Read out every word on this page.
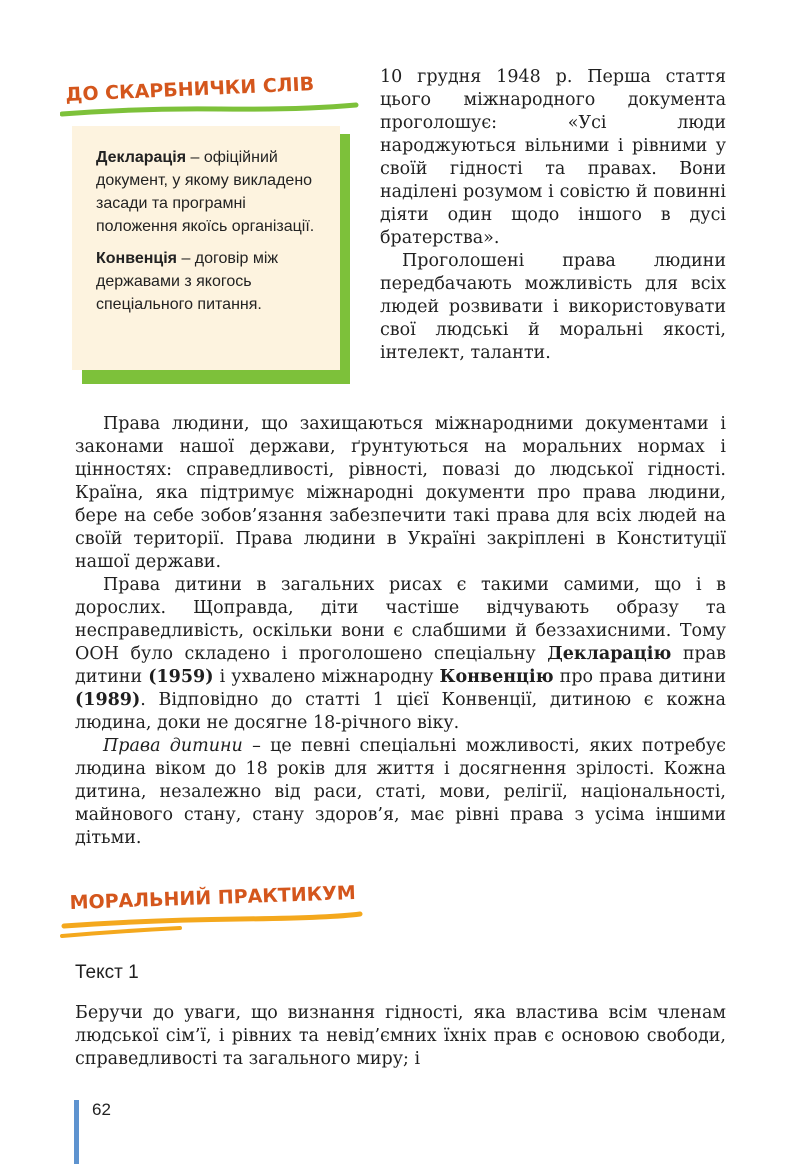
ДО СКАРБНИЧКИ СЛІВ

Декларація – офіційний документ, у якому викладено засади та програмні положення якоїсь організації.

Конвенція – договір між державами з якогось спеціального питання.

10 грудня 1948 р. Перша стаття цього міжнародного документа проголошує: «Усі люди народжуються вільними і рівними у своїй гідності та правах. Вони наділені розумом і совістю й повинні діяти один щодо іншого в дусі братерства».

Проголошені права людини передбачають можливість для всіх людей розвивати і використовувати свої людські й моральні якості, інтелект, таланти.

Права людини, що захищаються міжнародними документами і законами нашої держави, ґрунтуються на моральних нормах і цінностях: справедливості, рівності, повазі до людської гідності. Країна, яка підтримує міжнародні документи про права людини, бере на себе зобов’язання забезпечити такі права для всіх людей на своїй території. Права людини в Україні закріплені в Конституції нашої держави.

Права дитини в загальних рисах є такими самими, що і в дорослих. Щоправда, діти частіше відчувають образу та несправедливість, оскільки вони є слабшими й беззахисними. Тому ООН було складено і проголошено спеціальну Декларацію прав дитини (1959) і ухвалено міжнародну Конвенцію про права дитини (1989). Відповідно до статті 1 цієї Конвенції, дитиною є кожна людина, доки не досягне 18-річного віку.

Права дитини – це певні спеціальні можливості, яких потребує людина віком до 18 років для життя і досягнення зрілості. Кожна дитина, незалежно від раси, статі, мови, релігії, національності, майнового стану, стану здоров’я, має рівні права з усіма іншими дітьми.

МОРАЛЬНИЙ ПРАКТИКУМ
Текст 1

Беручи до уваги, що визнання гідності, яка властива всім членам людської сім’ї, і рівних та невід’ємних їхніх прав є основою свободи, справедливості та загального миру; і

62
